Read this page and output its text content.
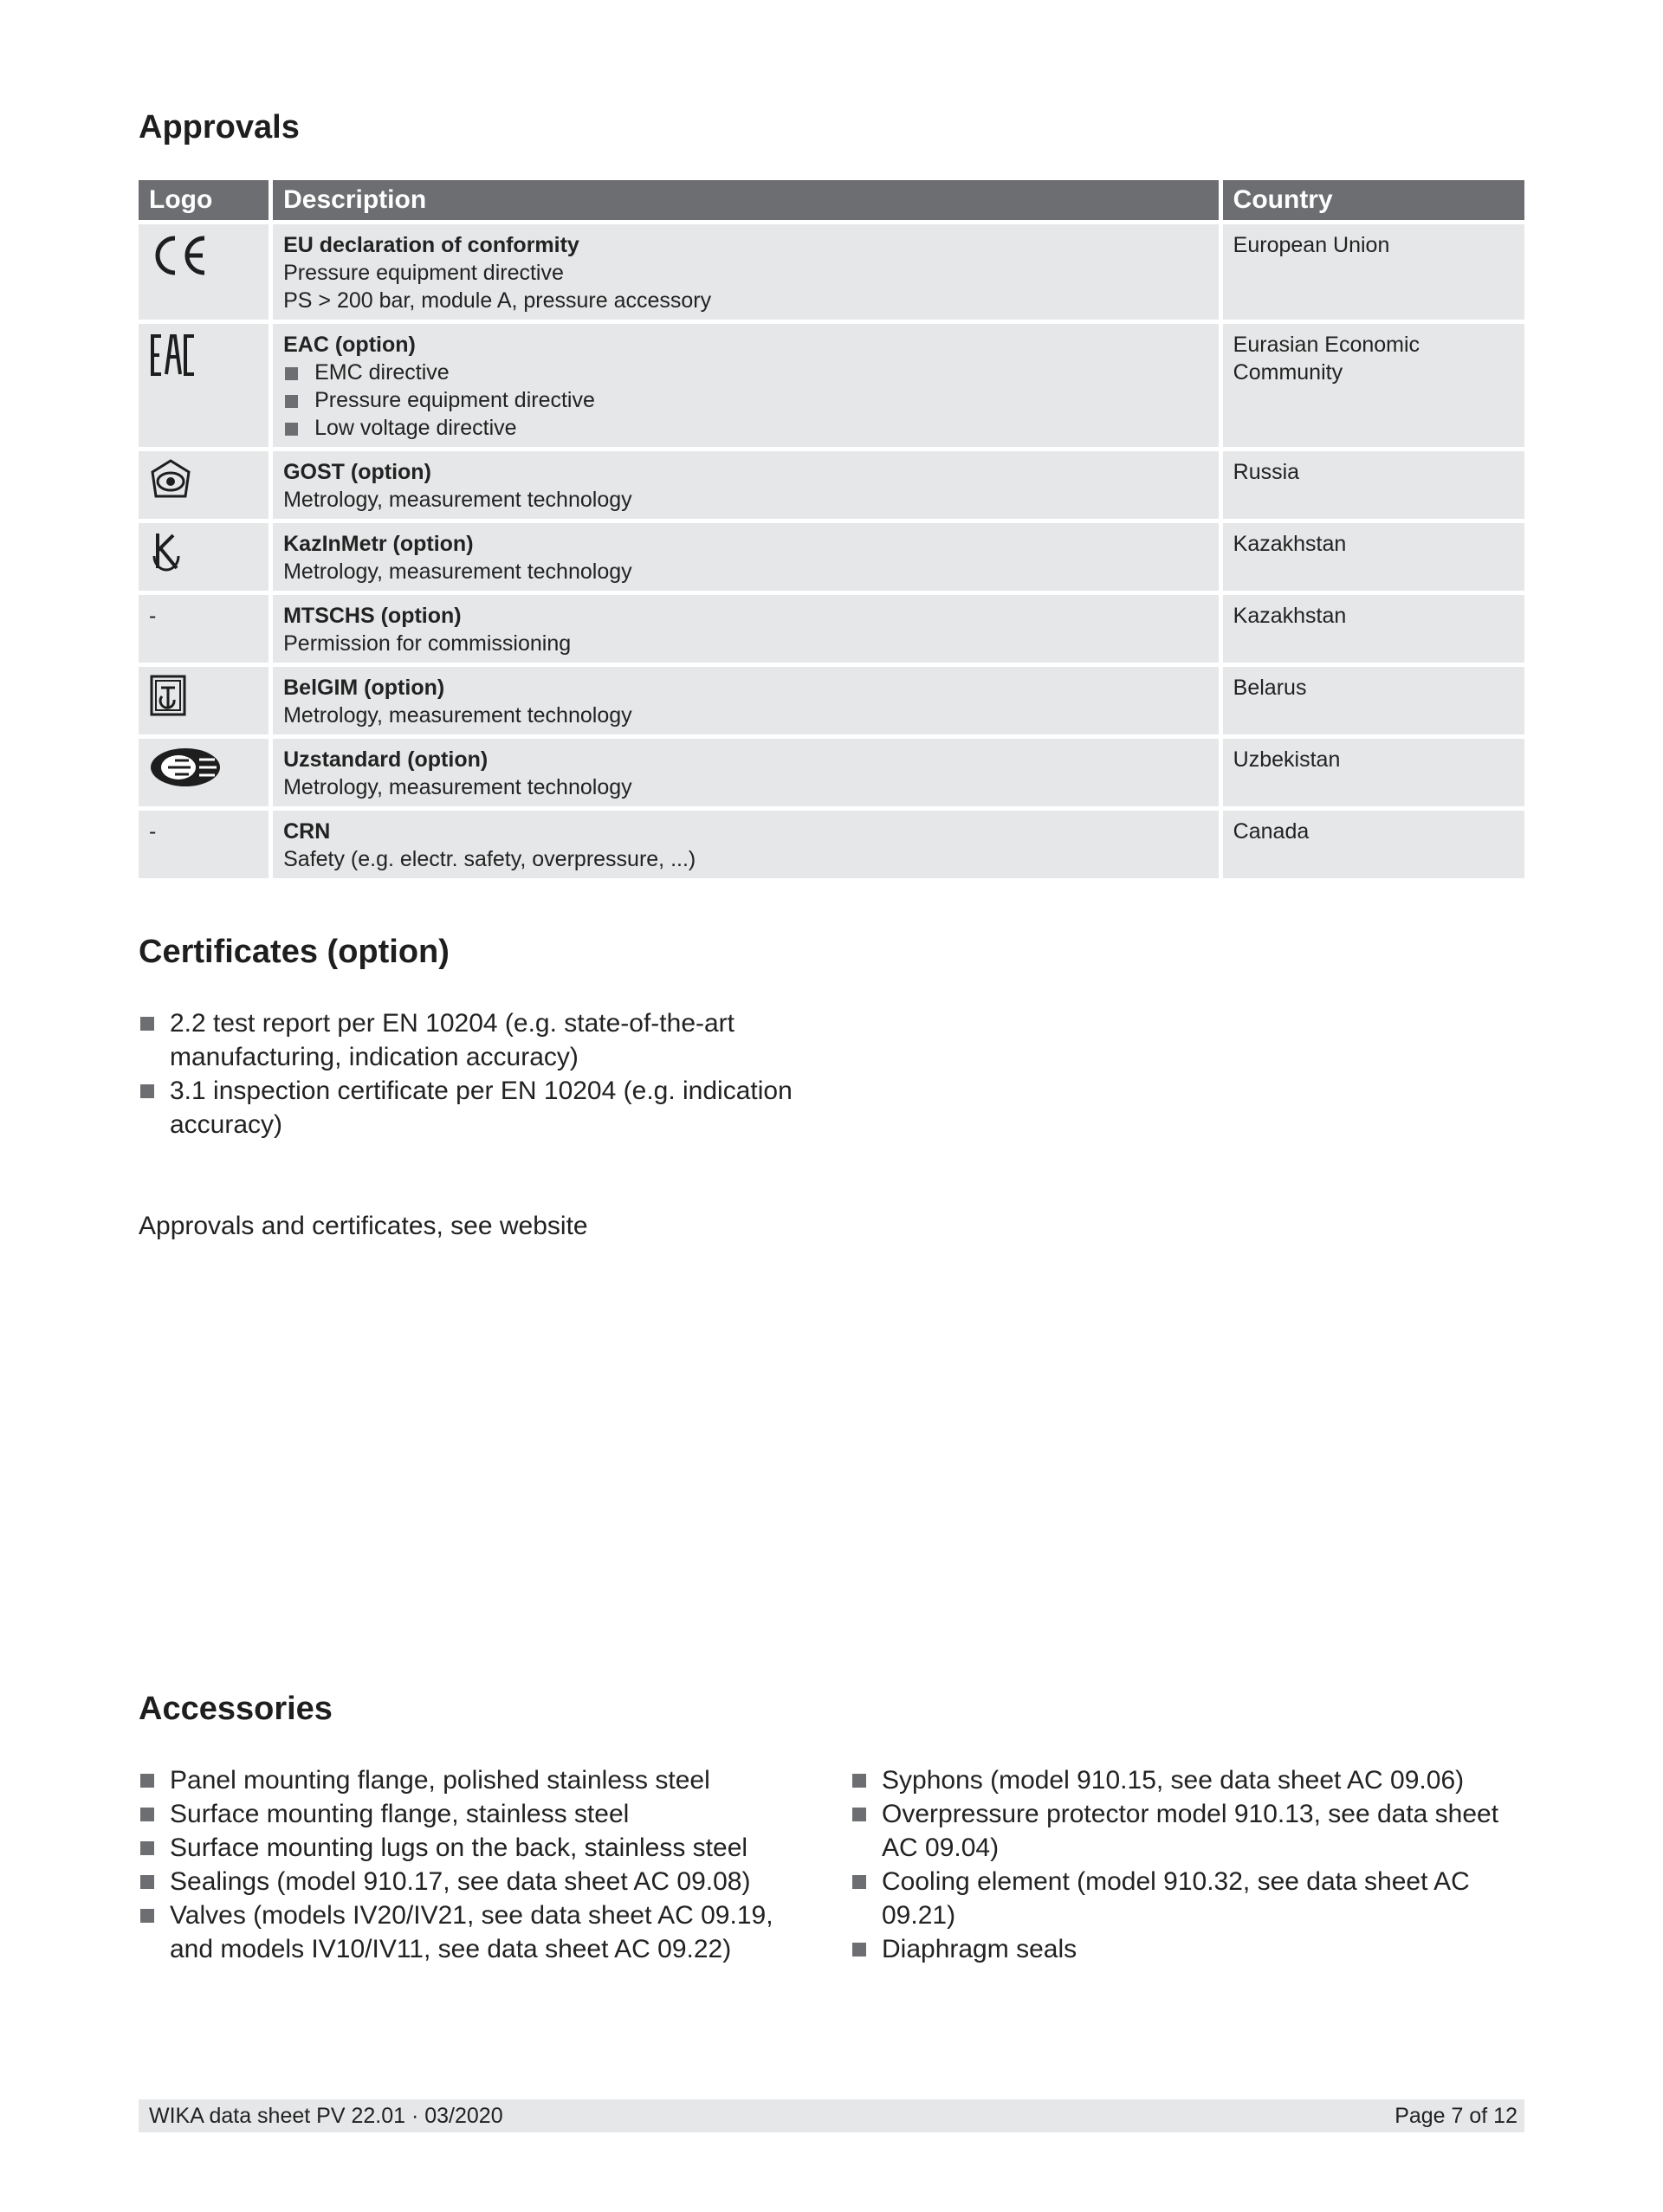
Approvals
Logo	Description	Country

EU declaration of conformity
Pressure equipment directive
PS > 200 bar, module A, pressure accessory	European Union

EAC (option)
EMC directive
Pressure equipment directive
Low voltage directive	Eurasian Economic Community

GOST (option)
Metrology, measurement technology	Russia

KazInMetr (option)
Metrology, measurement technology	Kazakhstan
-	MTSCHS (option)
Permission for commissioning	Kazakhstan

BelGIM (option)
Metrology, measurement technology	Belarus

Uzstandard (option)
Metrology, measurement technology	Uzbekistan
-	CRN
Safety (e.g. electr. safety, overpressure, ...)	Canada
Certificates (option)
2.2 test report per EN 10204 (e.g. state-of-the-art manufacturing, indication accuracy)
3.1 inspection certificate per EN 10204 (e.g. indication accuracy)
Approvals and certificates, see website
Accessories
Panel mounting flange, polished stainless steel
Surface mounting flange, stainless steel
Surface mounting lugs on the back, stainless steel
Sealings (model 910.17, see data sheet AC 09.08)
Valves (models IV20/IV21, see data sheet AC 09.19, and models IV10/IV11, see data sheet AC 09.22)
Syphons (model 910.15, see data sheet AC 09.06)
Overpressure protector model 910.13, see data sheet AC 09.04)
Cooling element (model 910.32, see data sheet AC 09.21)
Diaphragm seals
WIKA data sheet PV 22.01 · 03/2020	Page 7 of 12
